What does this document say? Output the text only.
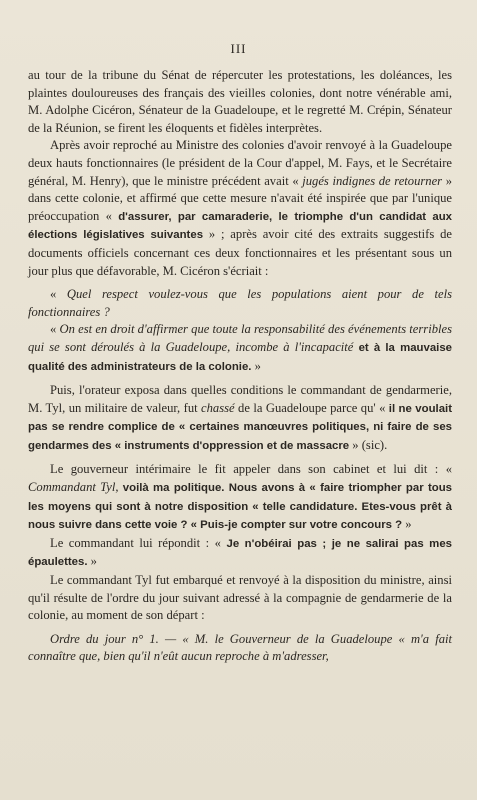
III

au tour de la tribune du Sénat de répercuter les protestations, les doléances, les plaintes douloureuses des français des vieilles colonies, dont notre vénérable ami, M. Adolphe Cicéron, Sénateur de la Guadeloupe, et le regretté M. Crépin, Sénateur de la Réunion, se firent les éloquents et fidèles interprètes.

Après avoir reproché au Ministre des colonies d'avoir renvoyé à la Guadeloupe deux hauts fonctionnaires (le président de la Cour d'appel, M. Fays, et le Secrétaire général, M. Henry), que le ministre précédent avait « jugés indignes de retourner » dans cette colonie, et affirmé que cette mesure n'avait été inspirée que par l'unique préoccupation « d'assurer, par camaraderie, le triomphe d'un candidat aux élections législatives suivantes » ; après avoir cité des extraits suggestifs de documents officiels concernant ces deux fonctionnaires et les présentant sous un jour plus que défavorable, M. Cicéron s'écriait :

« Quel respect voulez-vous que les populations aient pour de tels fonctionnaires ?

« On est en droit d'affirmer que toute la responsabilité des événements terribles qui se sont déroulés à la Guadeloupe, incombe à l'incapacité et à la mauvaise qualité des administrateurs de la colonie. »

Puis, l'orateur exposa dans quelles conditions le commandant de gendarmerie, M. Tyl, un militaire de valeur, fut chassé de la Guadeloupe parce qu' « il ne voulait pas se rendre complice de « certaines manœuvres politiques, ni faire de ses gendarmes des « instruments d'oppression et de massacre » (sic).

Le gouverneur intérimaire le fit appeler dans son cabinet et lui dit : « Commandant Tyl, voilà ma politique. Nous avons à « faire triompher par tous les moyens qui sont à notre disposition « telle candidature. Etes-vous prêt à nous suivre dans cette voie ? « Puis-je compter sur votre concours ? »

Le commandant lui répondit : « Je n'obéirai pas ; je ne salirai pas mes épaulettes. »

Le commandant Tyl fut embarqué et renvoyé à la disposition du ministre, ainsi qu'il résulte de l'ordre du jour suivant adressé à la compagnie de gendarmerie de la colonie, au moment de son départ :

Ordre du jour n° 1. — « M. le Gouverneur de la Guadeloupe « m'a fait connaître que, bien qu'il n'eût aucun reproche à m'adresser,
